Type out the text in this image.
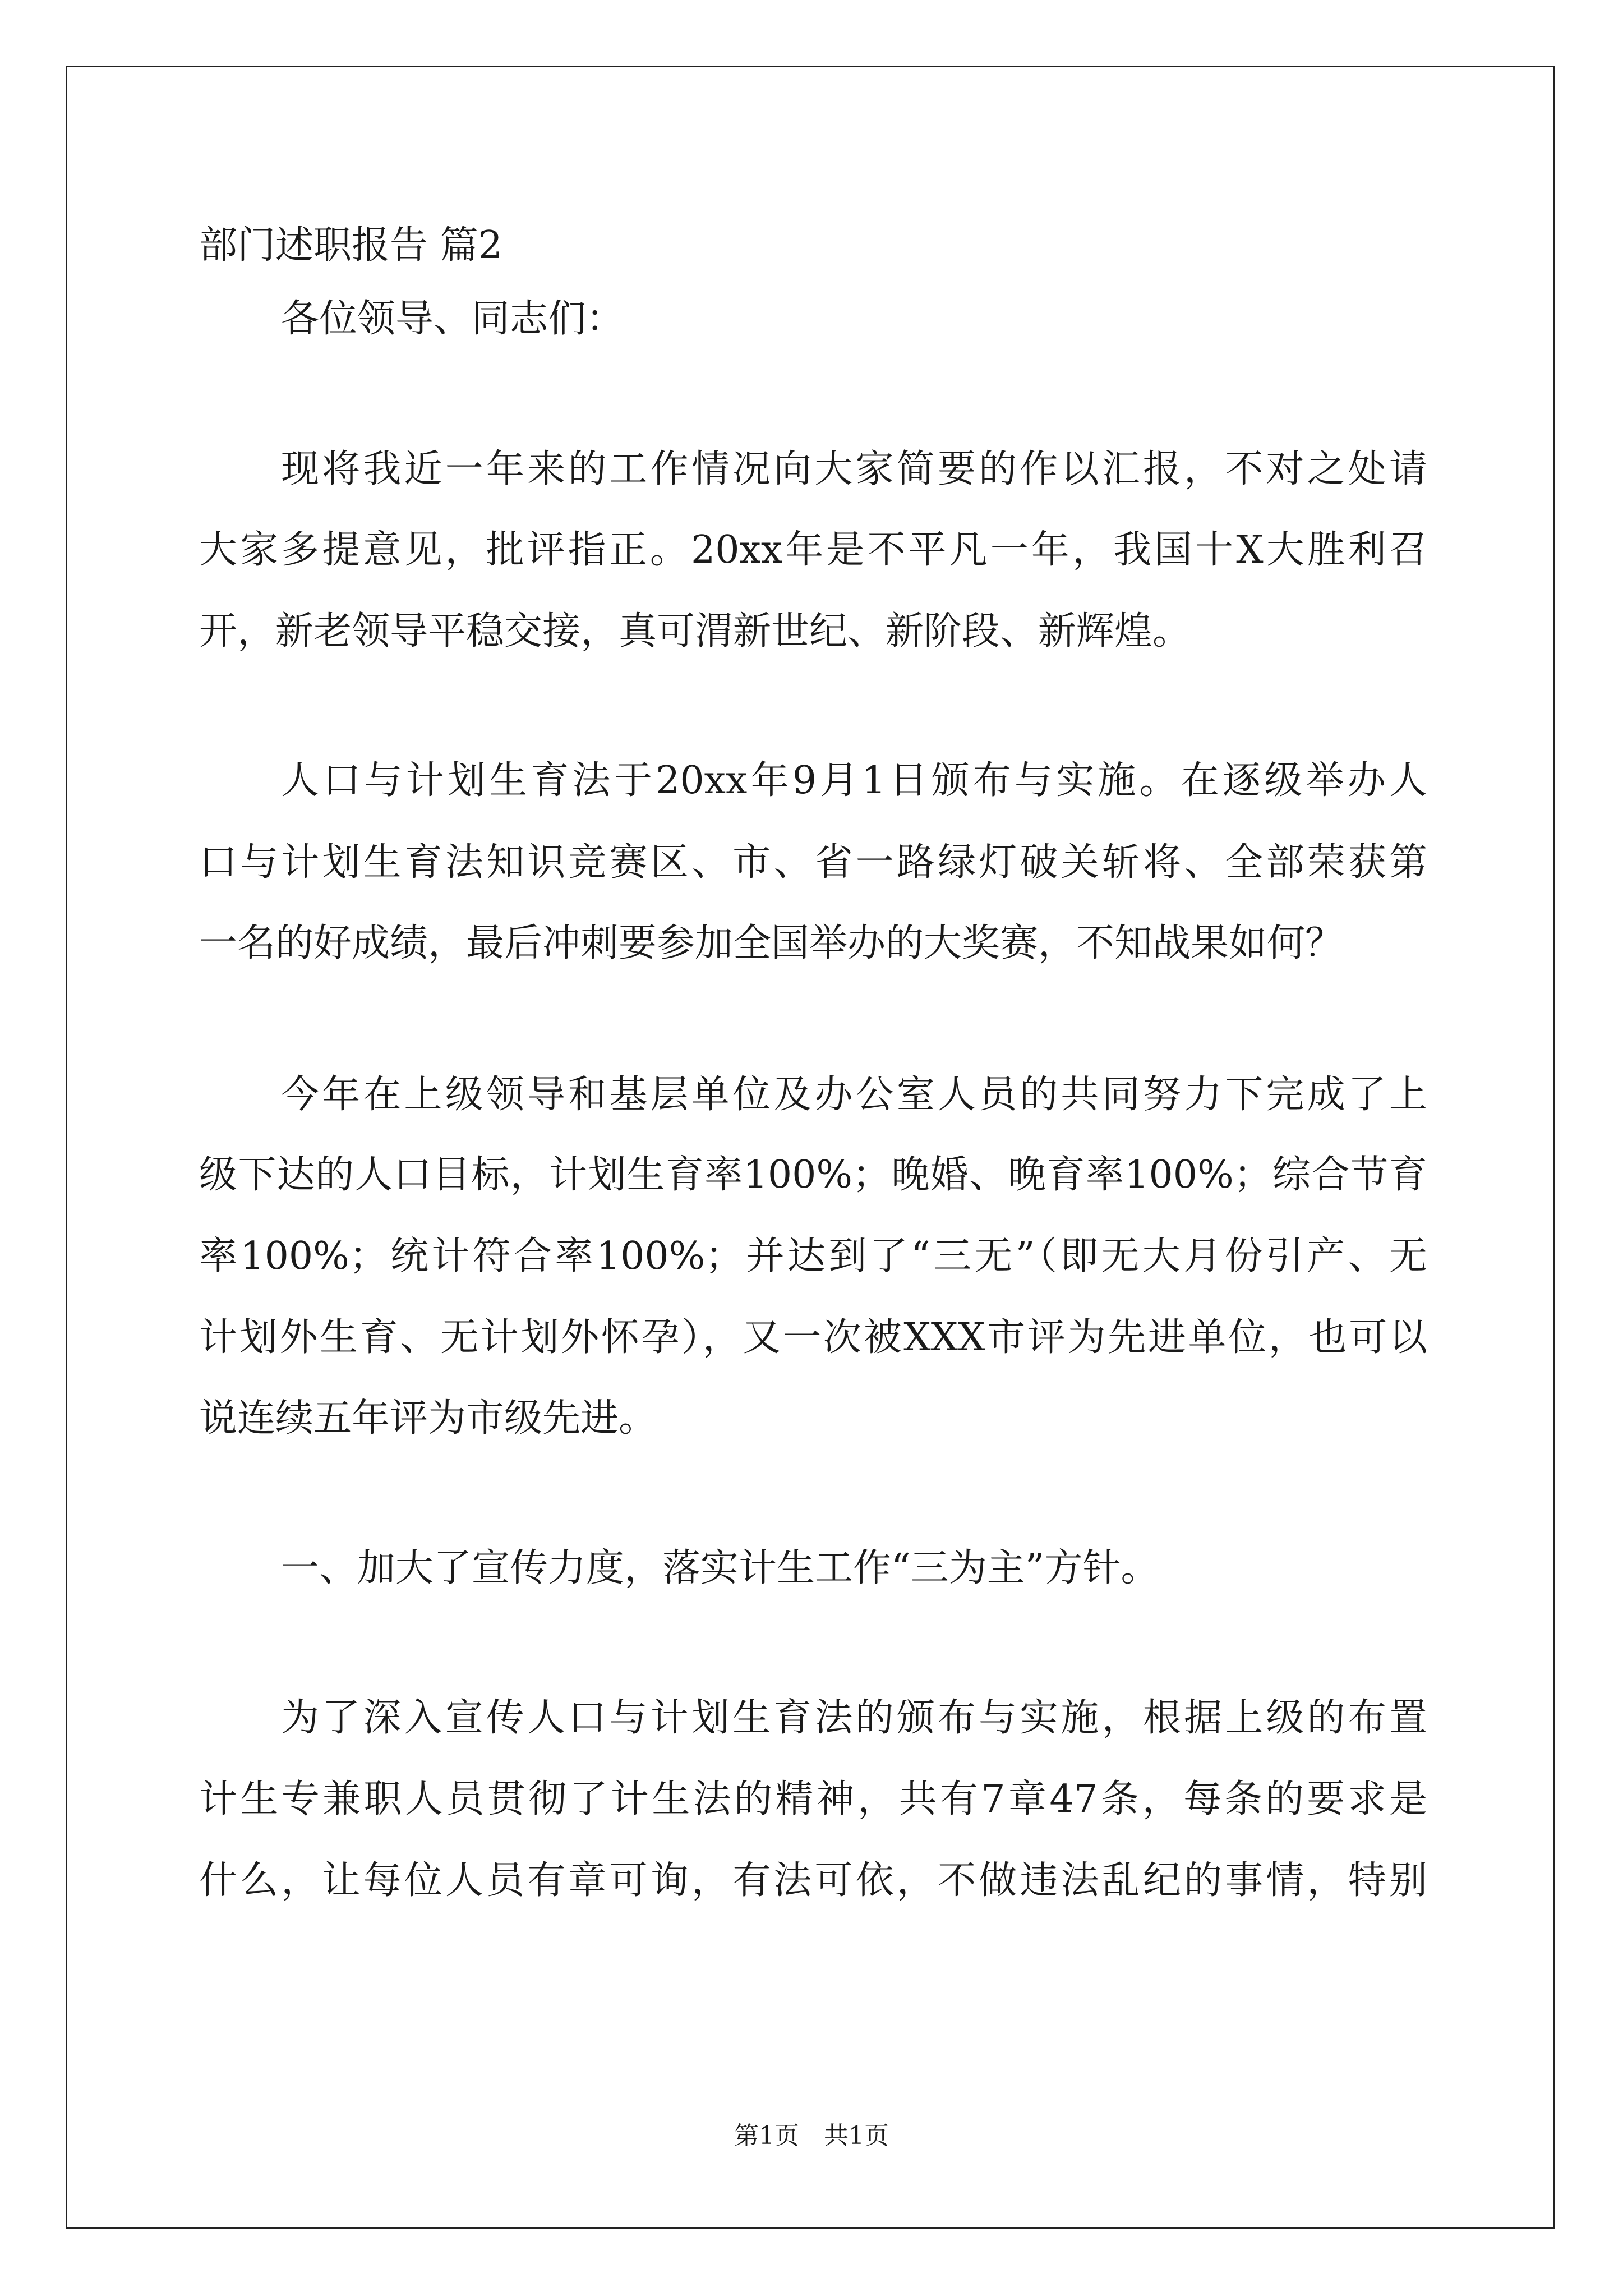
部门述职报告 篇2
各位领导、同志们：
现将我近一年来的工作情况向大家简要的作以汇报，不对之处请
大家多提意见，批评指正。20xx年是不平凡一年，我国十X大胜利召
开，新老领导平稳交接，真可渭新世纪、新阶段、新辉煌。
人口与计划生育法于20xx年9月1日颁布与实施。在逐级举办人
口与计划生育法知识竞赛区、市、省一路绿灯破关斩将、全部荣获第
一名的好成绩，最后冲刺要参加全国举办的大奖赛，不知战果如何？
今年在上级领导和基层单位及办公室人员的共同努力下完成了上
级下达的人口目标，计划生育率100%；晚婚、晚育率100%；综合节育
率100%；统计符合率100%；并达到了“三无”（即无大月份引产、无
计划外生育、无计划外怀孕），又一次被XXX市评为先进单位，也可以
说连续五年评为市级先进。
一、加大了宣传力度，落实计生工作“三为主”方针。
为了深入宣传人口与计划生育法的颁布与实施，根据上级的布置
计生专兼职人员贯彻了计生法的精神，共有7章47条，每条的要求是
什么，让每位人员有章可询，有法可依，不做违法乱纪的事情，特别
第1页 共1页
